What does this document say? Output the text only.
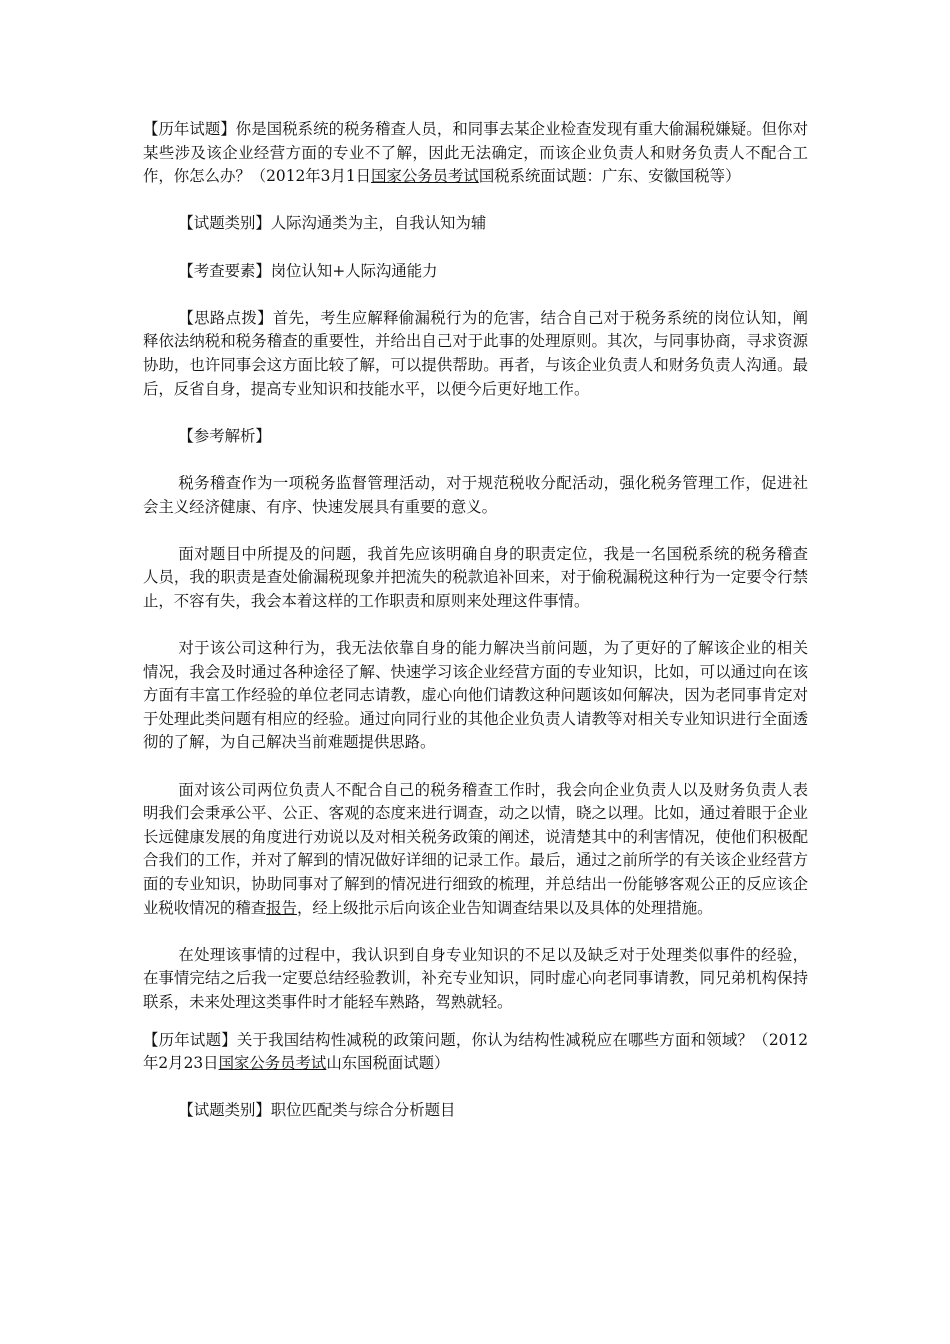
【历年试题】你是国税系统的税务稽查人员，和同事去某企业检查发现有重大偷漏税嫌疑。但你对某些涉及该企业经营方面的专业不了解，因此无法确定，而该企业负责人和财务负责人不配合工作，你怎么办？（2012年3月1日国家公务员考试国税系统面试题：广东、安徽国税等）

【试题类别】人际沟通类为主，自我认知为辅

【考查要素】岗位认知+人际沟通能力

【思路点拨】首先，考生应解释偷漏税行为的危害，结合自己对于税务系统的岗位认知，阐释依法纳税和税务稽查的重要性，并给出自己对于此事的处理原则。其次，与同事协商，寻求资源协助，也许同事会这方面比较了解，可以提供帮助。再者，与该企业负责人和财务负责人沟通。最后，反省自身，提高专业知识和技能水平，以便今后更好地工作。

【参考解析】

税务稽查作为一项税务监督管理活动，对于规范税收分配活动，强化税务管理工作，促进社会主义经济健康、有序、快速发展具有重要的意义。

面对题目中所提及的问题，我首先应该明确自身的职责定位，我是一名国税系统的税务稽查人员，我的职责是查处偷漏税现象并把流失的税款追补回来，对于偷税漏税这种行为一定要令行禁止，不容有失，我会本着这样的工作职责和原则来处理这件事情。

对于该公司这种行为，我无法依靠自身的能力解决当前问题，为了更好的了解该企业的相关情况，我会及时通过各种途径了解、快速学习该企业经营方面的专业知识，比如，可以通过向在该方面有丰富工作经验的单位老同志请教，虚心向他们请教这种问题该如何解决，因为老同事肯定对于处理此类问题有相应的经验。通过向同行业的其他企业负责人请教等对相关专业知识进行全面透彻的了解，为自己解决当前难题提供思路。

面对该公司两位负责人不配合自己的税务稽查工作时，我会向企业负责人以及财务负责人表明我们会秉承公平、公正、客观的态度来进行调查，动之以情，晓之以理。比如，通过着眼于企业长远健康发展的角度进行劝说以及对相关税务政策的阐述，说清楚其中的利害情况，使他们积极配合我们的工作，并对了解到的情况做好详细的记录工作。最后，通过之前所学的有关该企业经营方面的专业知识，协助同事对了解到的情况进行细致的梳理，并总结出一份能够客观公正的反应该企业税收情况的稽查报告，经上级批示后向该企业告知调查结果以及具体的处理措施。

在处理该事情的过程中，我认识到自身专业知识的不足以及缺乏对于处理类似事件的经验，在事情完结之后我一定要总结经验教训，补充专业知识，同时虚心向老同事请教，同兄弟机构保持联系，未来处理这类事件时才能轻车熟路，驾熟就轻。

【历年试题】关于我国结构性减税的政策问题，你认为结构性减税应在哪些方面和领域？（2012年2月23日国家公务员考试山东国税面试题）

【试题类别】职位匹配类与综合分析题目
